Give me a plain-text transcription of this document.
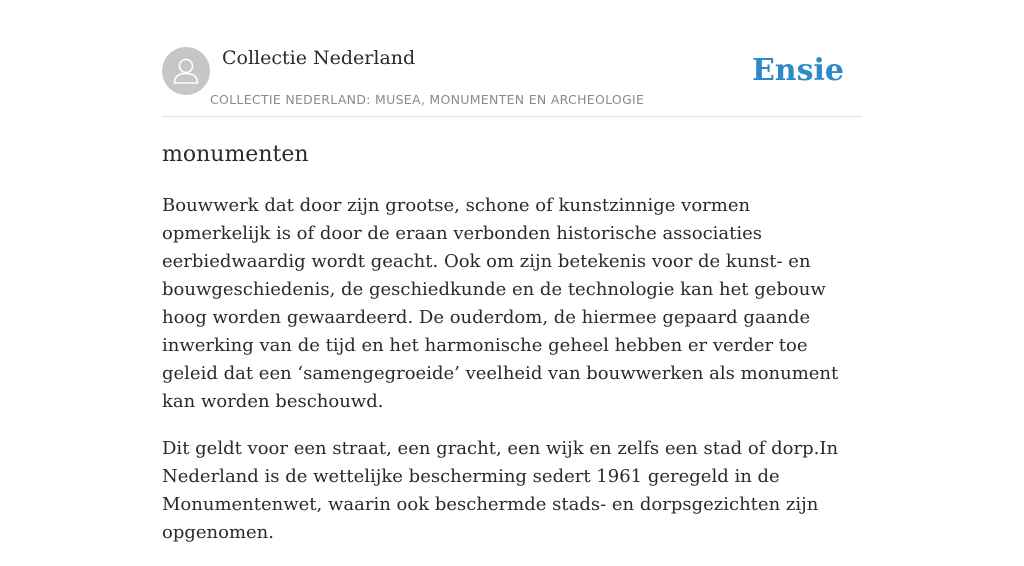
Collectie Nederland
COLLECTIE NEDERLAND: MUSEA, MONUMENTEN EN ARCHEOLOGIE
Ensie
monumenten

Bouwwerk dat door zijn grootse, schone of kunstzinnige vormen opmerkelijk is of door de eraan verbonden historische associaties eerbiedwaardig wordt geacht. Ook om zijn betekenis voor de kunst- en bouwgeschiedenis, de geschiedkunde en de technologie kan het gebouw hoog worden gewaardeerd. De ouderdom, de hiermee gepaard gaande inwerking van de tijd en het harmonische geheel hebben er verder toe geleid dat een ‘samengegroeide’ veelheid van bouwwerken als monument kan worden beschouwd.

Dit geldt voor een straat, een gracht, een wijk en zelfs een stad of dorp.In Nederland is de wettelijke bescherming sedert 1961 geregeld in de Monumentenwet, waarin ook beschermde stads- en dorpsgezichten zijn opgenomen.
